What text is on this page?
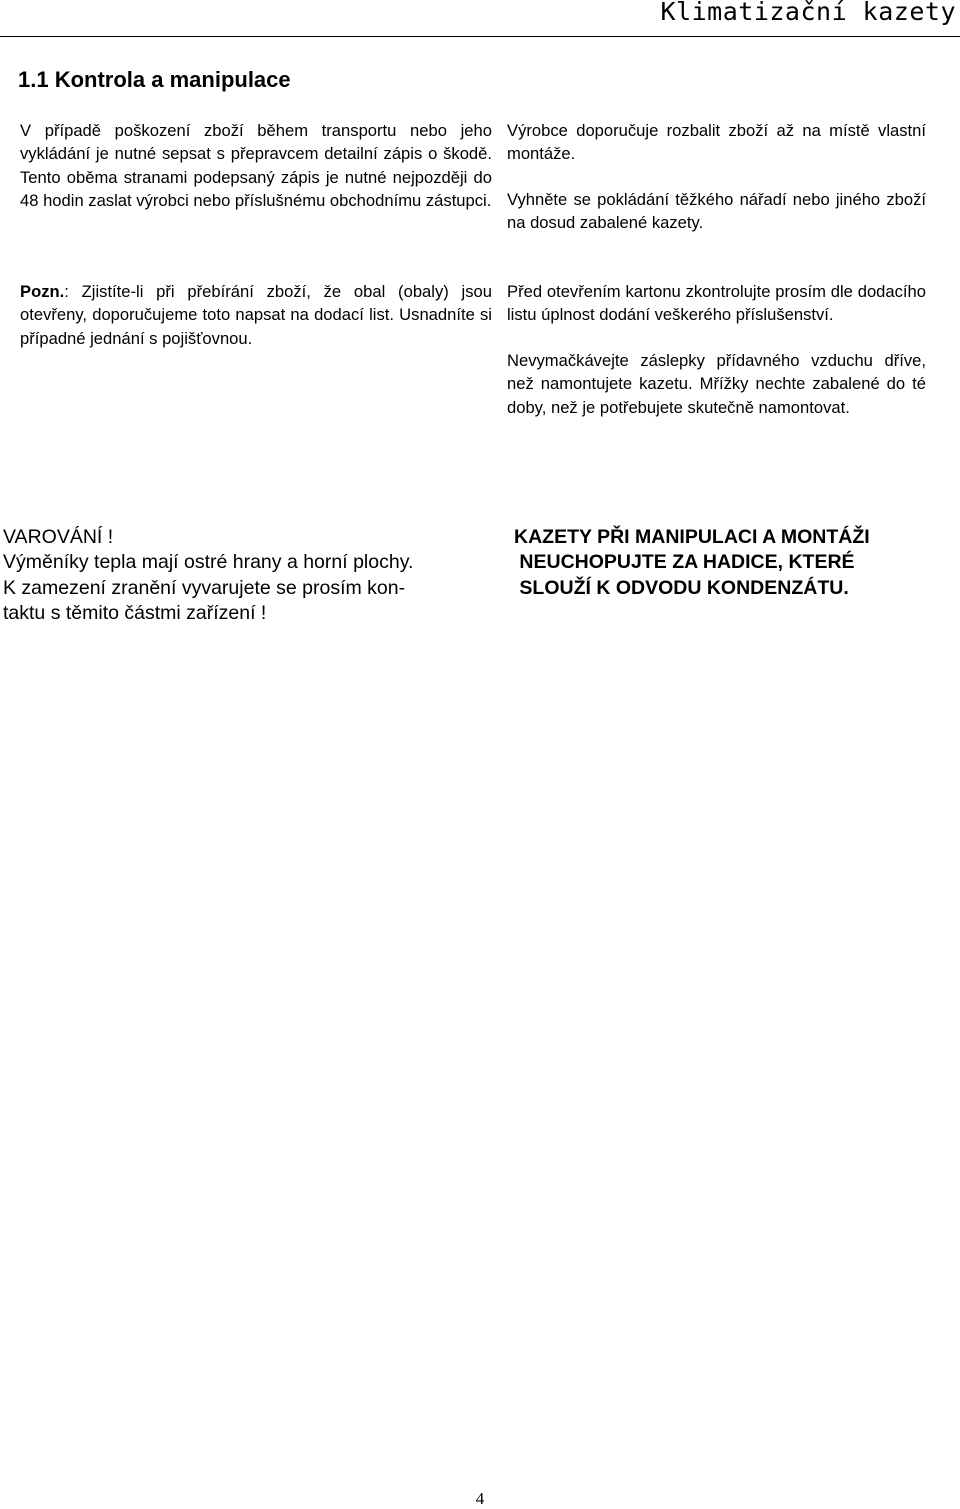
Klimatizační kazety
1.1 Kontrola a manipulace

V případě poškození zboží během transportu nebo jeho vykládání je nutné sepsat s přepravcem detailní zápis o škodě. Tento oběma stranami podepsaný zápis je nutné nejpozději do 48 hodin zaslat výrobci nebo příslušnému obchodnímu zástupci.

Výrobce doporučuje rozbalit zboží až na místě vlastní montáže.

Vyhněte se pokládání těžkého nářadí nebo jiného zboží na dosud zabalené kazety.

Pozn.: Zjistíte-li při přebírání zboží, že obal (obaly) jsou otevřeny, doporučujeme toto napsat na dodací list. Usnadníte si případné jednání s pojišťovnou.

Před otevřením kartonu zkontrolujte prosím dle dodacího listu úplnost dodání veškerého příslušenství.

Nevymačkávejte záslepky přídavného vzduchu dříve, než namontujete kazetu. Mřížky nechte zabalené do té doby, než je potřebujete skutečně namontovat.

VAROVÁNÍ !

Výměníky tepla mají ostré hrany a horní plochy.

K zamezení zranění vyvarujete se prosím kon-

taktu s těmito částmi zařízení !

KAZETY PŘI MANIPULACI A MONTÁŽI

NEUCHOPUJTE ZA HADICE, KTERÉ

SLOUŽÍ K ODVODU KONDENZÁTU.

4
